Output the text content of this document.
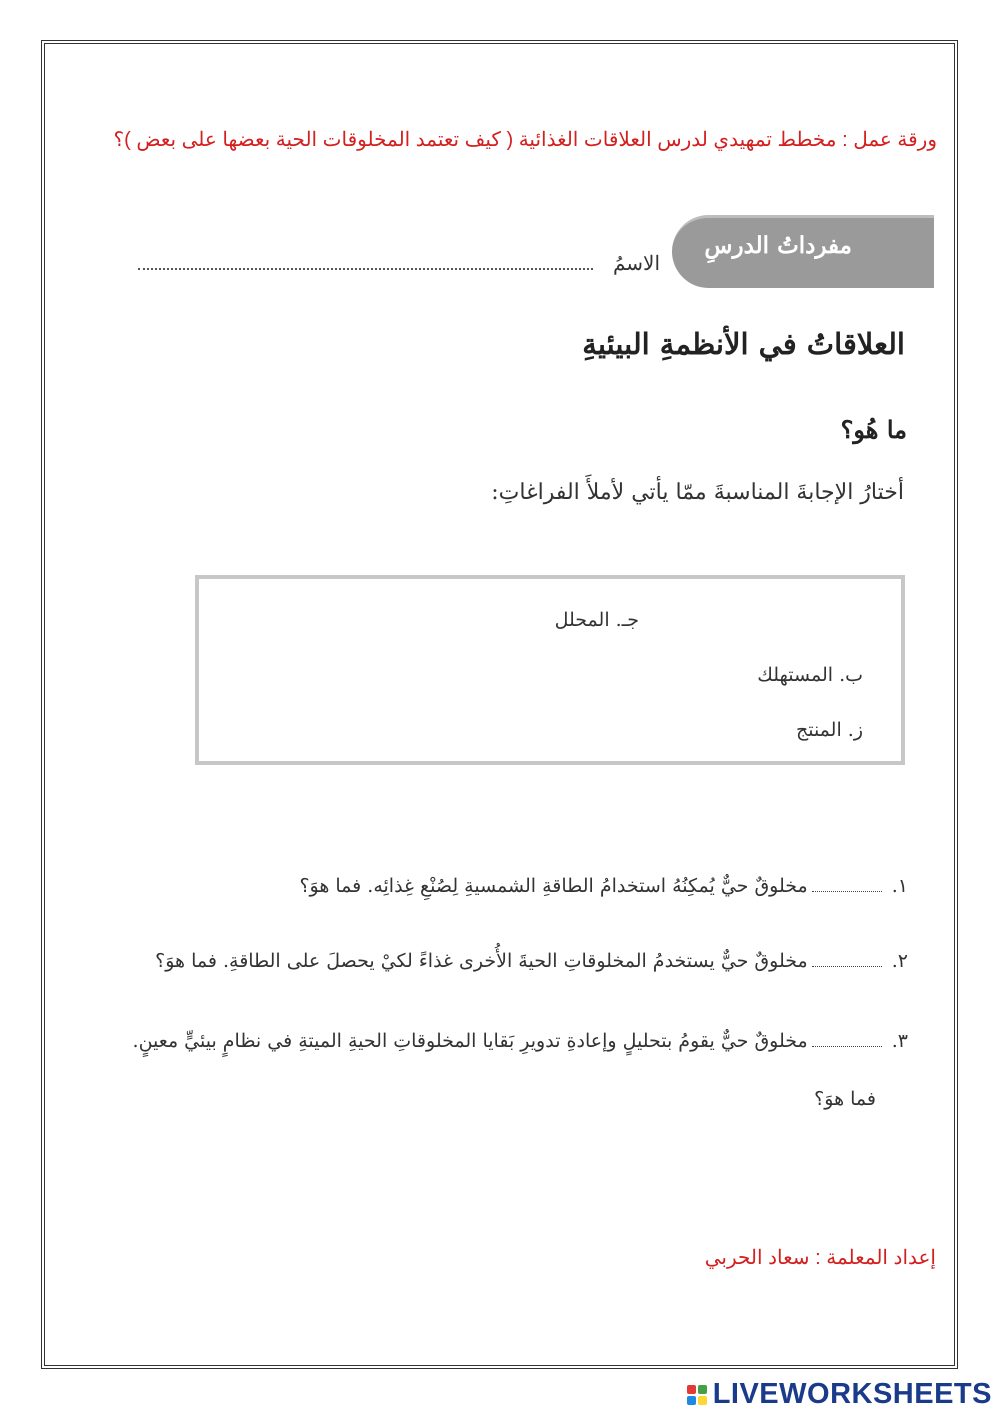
ورقة عمل : مخطط تمهيدي لدرس العلاقات الغذائية ( كيف تعتمد المخلوقات الحية بعضها على بعض )؟
مفرداتُ الدرسِ
الاسمُ
العلاقاتُ في الأنظمةِ البيئيةِ
ما هُو؟
أختارُ الإجابةَ المناسبةَ ممّا يأتي لأملأَ الفراغاتِ:
جـ. المحلل
ب. المستهلك
ز. المنتج
١.مخلوقٌ حيٌّ يُمكِنُهُ استخدامُ الطاقةِ الشمسيةِ لِصُنْعِ غِذائِه. فما هوَ؟
٢.مخلوقٌ حيٌّ يستخدمُ المخلوقاتِ الحيةَ الأُخرى غذاءً لكيْ يحصلَ على الطاقةِ. فما هوَ؟
٣.مخلوقٌ حيٌّ يقومُ بتحليلٍ وإعادةِ تدويرِ بَقايا المخلوقاتِ الحيةِ الميتةِ في نظامٍ بيئيٍّ معينٍ.
فما هوَ؟
إعداد المعلمة : سعاد الحربي
LIVEWORKSHEETS
